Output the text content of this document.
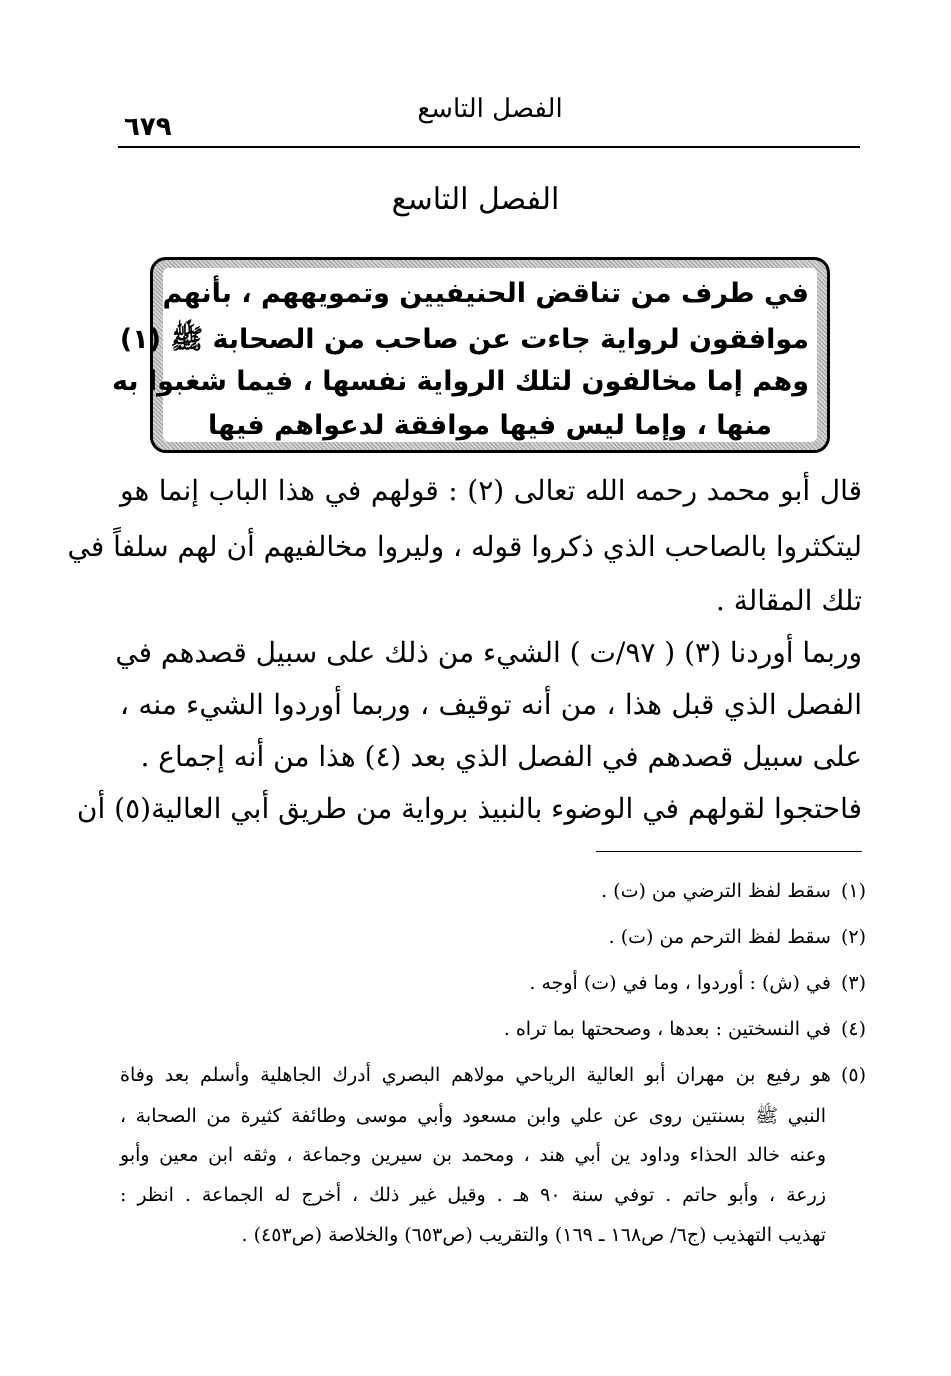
الفصل التاسع
٦٧٩
الفصل التاسع
في طرف من تناقض الحنيفيين وتمويههم ، بأنهم
موافقون لرواية جاءت عن صاحب من الصحابة ﷺ (١)
وهم إما مخالفون لتلك الرواية نفسها ، فيما شغبوا به
منها ، وإما ليس فيها موافقة لدعواهم فيها
قال أبو محمد رحمه الله تعالى (٢) : قولهم في هذا الباب إنما هو
ليتكثروا بالصاحب الذي ذكروا قوله ، وليروا مخالفيهم أن لهم سلفاً في
تلك المقالة .
وربما أوردنا (٣) ( ٩٧/ت ) الشيء من ذلك على سبيل قصدهم في
الفصل الذي قبل هذا ، من أنه توقيف ، وربما أوردوا الشيء منه ،
على سبيل قصدهم في الفصل الذي بعد (٤) هذا من أنه إجماع .
فاحتجوا لقولهم في الوضوء بالنبيذ برواية من طريق أبي العالية(٥) أن
(١)سقط لفظ الترضي من (ت) .
(٢)سقط لفظ الترحم من (ت) .
(٣)في (ش) : أوردوا ، وما في (ت) أوجه .
(٤)في النسختين : بعدها ، وصححتها بما تراه .
(٥)هو رفيع بن مهران أبو العالية الرياحي مولاهم البصري أدرك الجاهلية وأسلم بعد وفاة
النبي ﷺ بسنتين روى عن علي وابن مسعود وأبي موسى وطائفة كثيرة من الصحابة ،
وعنه خالد الحذاء وداود ين أبي هند ، ومحمد بن سيرين وجماعة ، وثقه ابن معين وأبو
زرعة ، وأبو حاتم . توفي سنة ٩٠ هـ . وقيل غير ذلك ، أخرج له الجماعة . انظر :
تهذيب التهذيب (ج٦/ ص١٦٨ ـ ١٦٩) والتقريب (ص٦٥٣) والخلاصة (ص٤٥٣) .
